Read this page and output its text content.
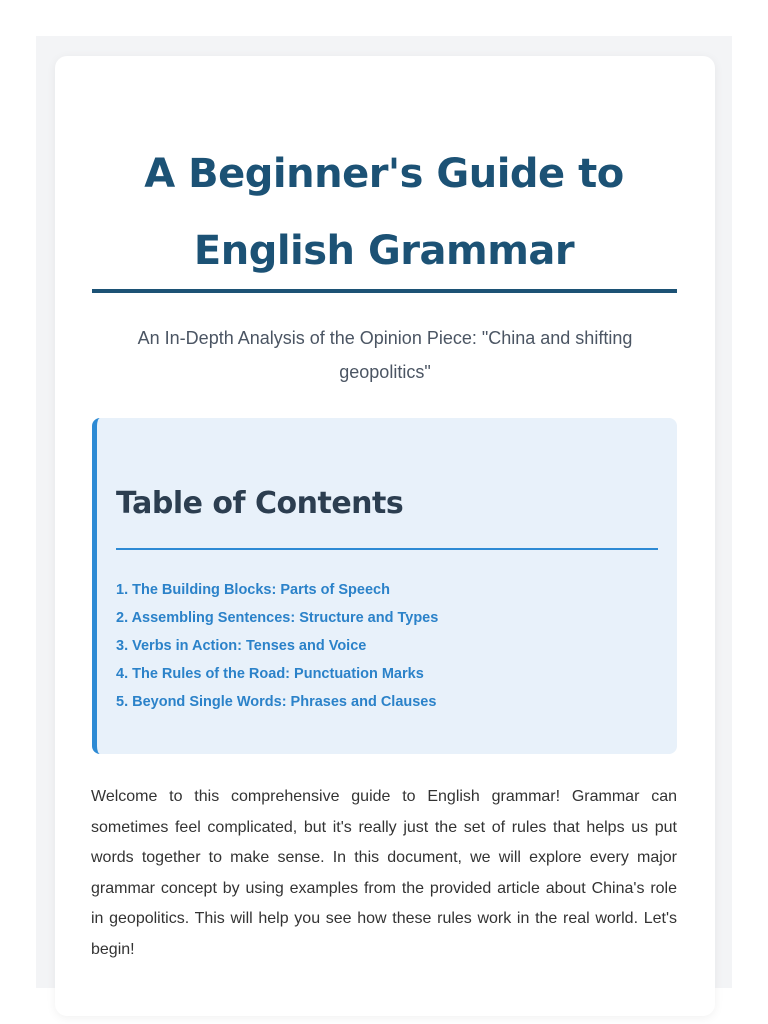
A Beginner's Guide to English Grammar

An In-Depth Analysis of the Opinion Piece: "China and shifting geopolitics"

Table of Contents
1. The Building Blocks: Parts of Speech
2. Assembling Sentences: Structure and Types
3. Verbs in Action: Tenses and Voice
4. The Rules of the Road: Punctuation Marks
5. Beyond Single Words: Phrases and Clauses

Welcome to this comprehensive guide to English grammar! Grammar can sometimes feel complicated, but it's really just the set of rules that helps us put words together to make sense. In this document, we will explore every major grammar concept by using examples from the provided article about China's role in geopolitics. This will help you see how these rules work in the real world. Let's begin!
